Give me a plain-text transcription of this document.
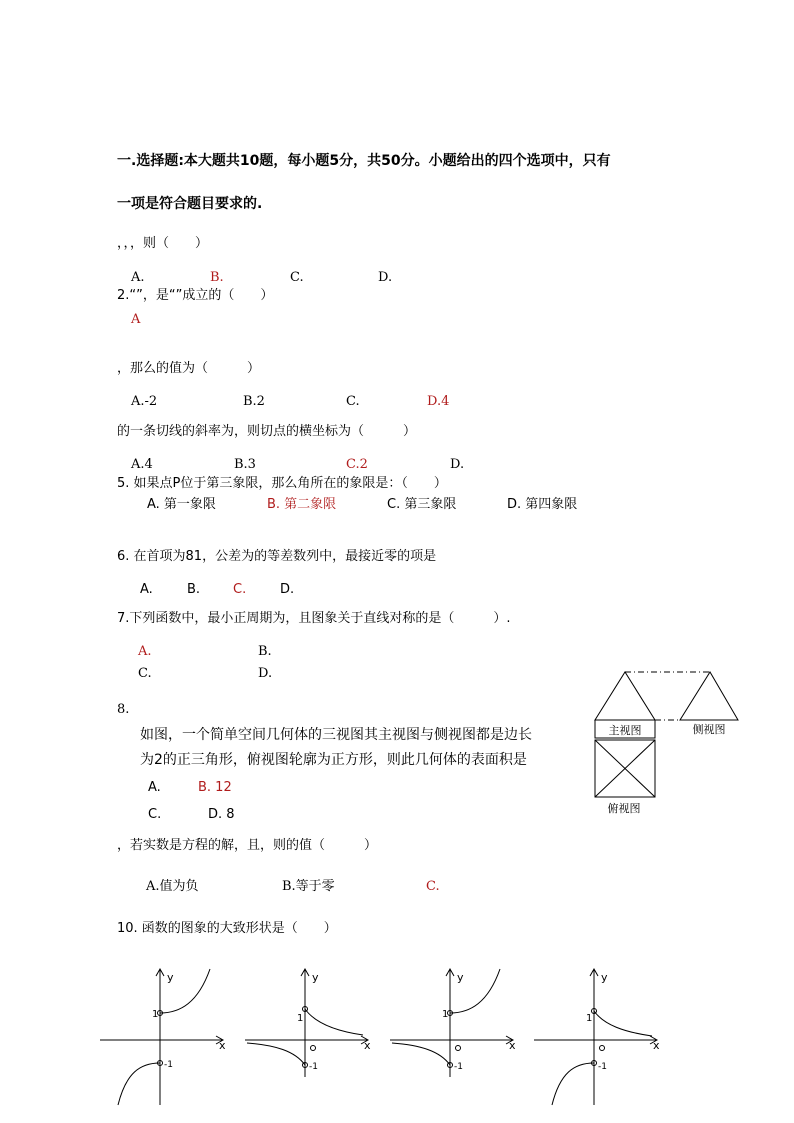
一.选择题:本大题共10题，每小题5分，共50分。小题给出的四个选项中，只有
一项是符合题目要求的.
，，，则（　　）
A.	B.	C.	D.
2.“”，是“”成立的（　　）
A
，那么的值为（　　　）
A.-2	B.2	C.	D.4
的一条切线的斜率为，则切点的横坐标为（　　　）
A.4	B.3	C.2	D.
5. 如果点P位于第三象限，那么角所在的象限是：（　　）
A. 第一象限	B. 第二象限	C. 第三象限	D. 第四象限
6. 在首项为81，公差为的等差数列中，最接近零的项是
A.	B.	C.	D.
7.下列函数中，最小正周期为，且图象关于直线对称的是（　　　）.
A.	B.
C.	D.
8.
如图，一个简单空间几何体的三视图其主视图与侧视图都是边长
为2的正三角形，俯视图轮廓为正方形，则此几何体的表面积是
A.	B. 12
C.	D. 8
主视图	侧视图
俯视图
，若实数是方程的解，且，则的值（　　　）
A.值为负	B.等于零	C.
10. 函数的图象的大致形状是（　　）
y
x
1
-1
y
x
1
-1
y
x
1
-1
y
x
1
-1
